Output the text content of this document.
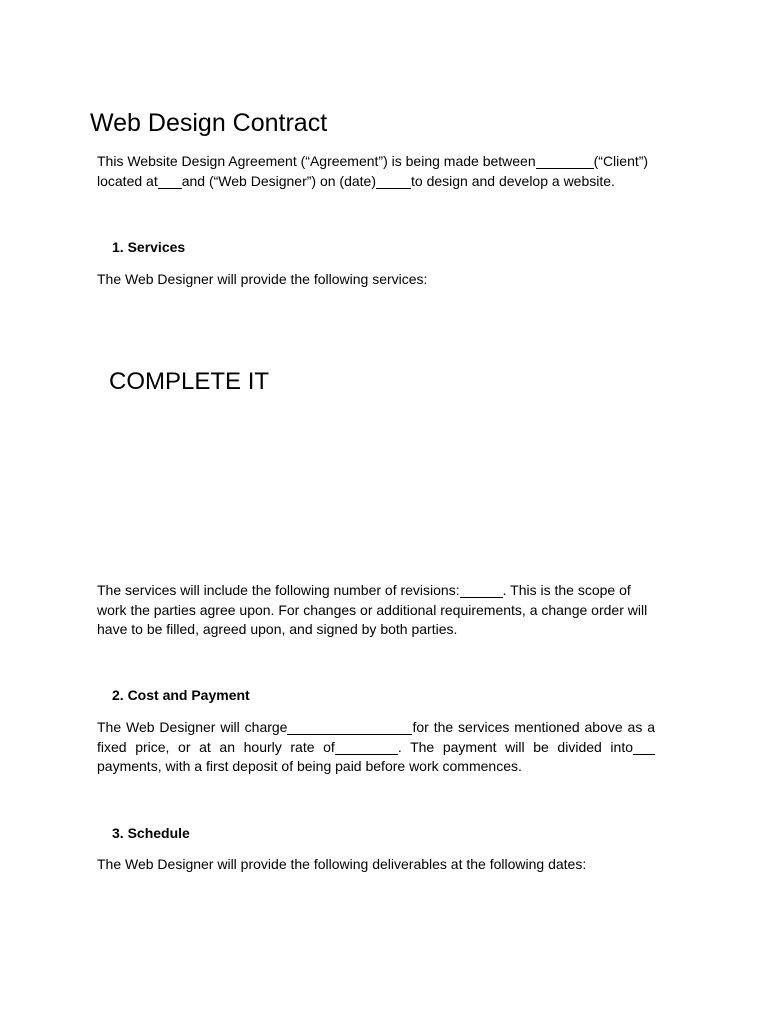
Web Design Contract

This Website Design Agreement (“Agreement”) is being made between	(“Client”) located at and (“Web Designer”) on (date)	to design and develop a website.

1. Services

The Web Designer will provide the following services:

COMPLETE IT

The services will include the following number of revisions:	. This is the scope of work the parties agree upon. For changes or additional requirements, a change order will have to be filled, agreed upon, and signed by both parties.

2. Cost and Payment

The Web Designer will charge	for the services mentioned above as a fixed price, or at an hourly rate of	. The payment will be divided intopayments, with a first deposit of being paid before work commences.

3. Schedule

The Web Designer will provide the following deliverables at the following dates:
